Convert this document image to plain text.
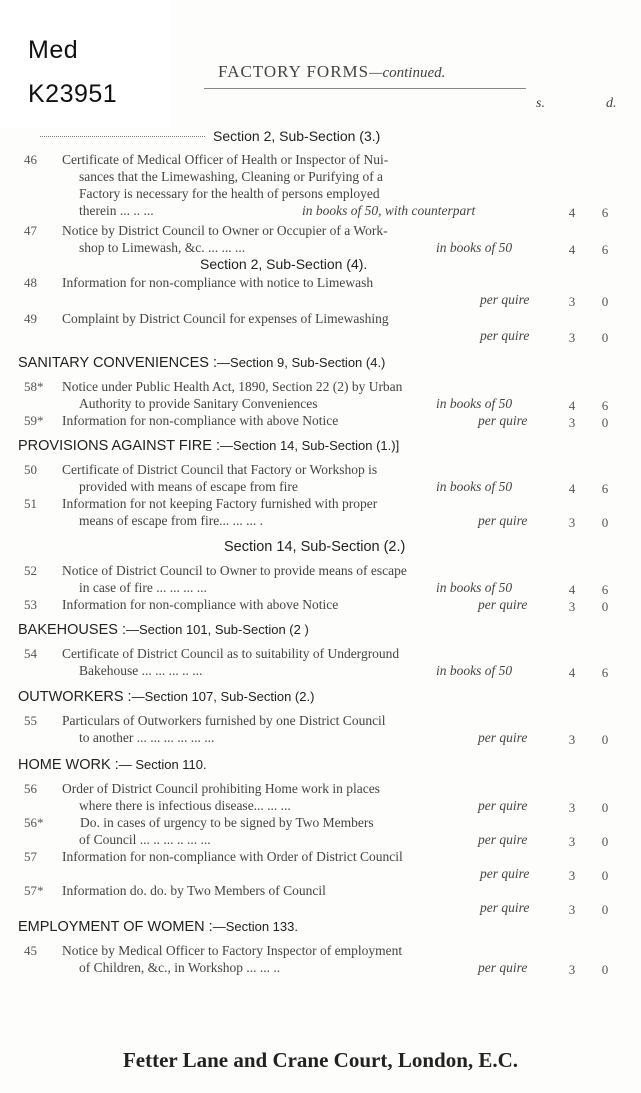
Med
K23951
FACTORY FORMS—continued.
s.	d.
Section 2, Sub-Section (3.)
46 Certificate of Medical Officer of Health or Inspector of Nui-
sances that the Limewashing, Cleaning or Purifying of a
Factory is necessary for the health of persons employed
therein ... .. ...	in books of 50, with counterpart	4	6
47 Notice by District Council to Owner or Occupier of a Work-
shop to Limewash, &c. ... ... ...	in books of 50	4	6
Section 2, Sub-Section (4).
48 Information for non-compliance with notice to Limewash
per quire	3	0
49 Complaint by District Council for expenses of Limewashing
per quire	3	0
SANITARY CONVENIENCES :—Section 9, Sub-Section (4.)
58* Notice under Public Health Act, 1890, Section 22 (2) by Urban
Authority to provide Sanitary Conveniences	in books of 50	4	6
59* Information for non-compliance with above Notice	per quire	3	0
PROVISIONS AGAINST FIRE :—Section 14, Sub-Section (1.)]
50 Certificate of District Council that Factory or Workshop is
provided with means of escape from fire	in books of 50	4	6
51 Information for not keeping Factory furnished with proper
means of escape from fire... ... ... .	per quire	3	0
Section 14, Sub-Section (2.)
52 Notice of District Council to Owner to provide means of escape
in case of fire ... ... ... ...	in books of 50	4	6
53 Information for non-compliance with above Notice	per quire	3	0
BAKEHOUSES :—Section 101, Sub-Section (2 )
54 Certificate of District Council as to suitability of Underground
Bakehouse ... ... ... .. ...	in books of 50	4	6
OUTWORKERS :—Section 107, Sub-Section (2.)
55 Particulars of Outworkers furnished by one District Council
to another ... ... ... ... ... ...	per quire	3	0
HOME WORK :— Section 110.
56 Order of District Council prohibiting Home work in places
where there is infectious disease... ... ...	per quire	3	0
56*	Do. in cases of urgency to be signed by Two Members
of Council ... .. ... .. ... ...	per quire	3	0
57 Information for non-compliance with Order of District Council
per quire	3	0
57* Information do. do. by Two Members of Council
per quire	3	0
EMPLOYMENT OF WOMEN :—Section 133.
45 Notice by Medical Officer to Factory Inspector of employment
of Children, &c., in Workshop ... ... ..	per quire	3	0
Fetter Lane and Crane Court, London, E.C.
